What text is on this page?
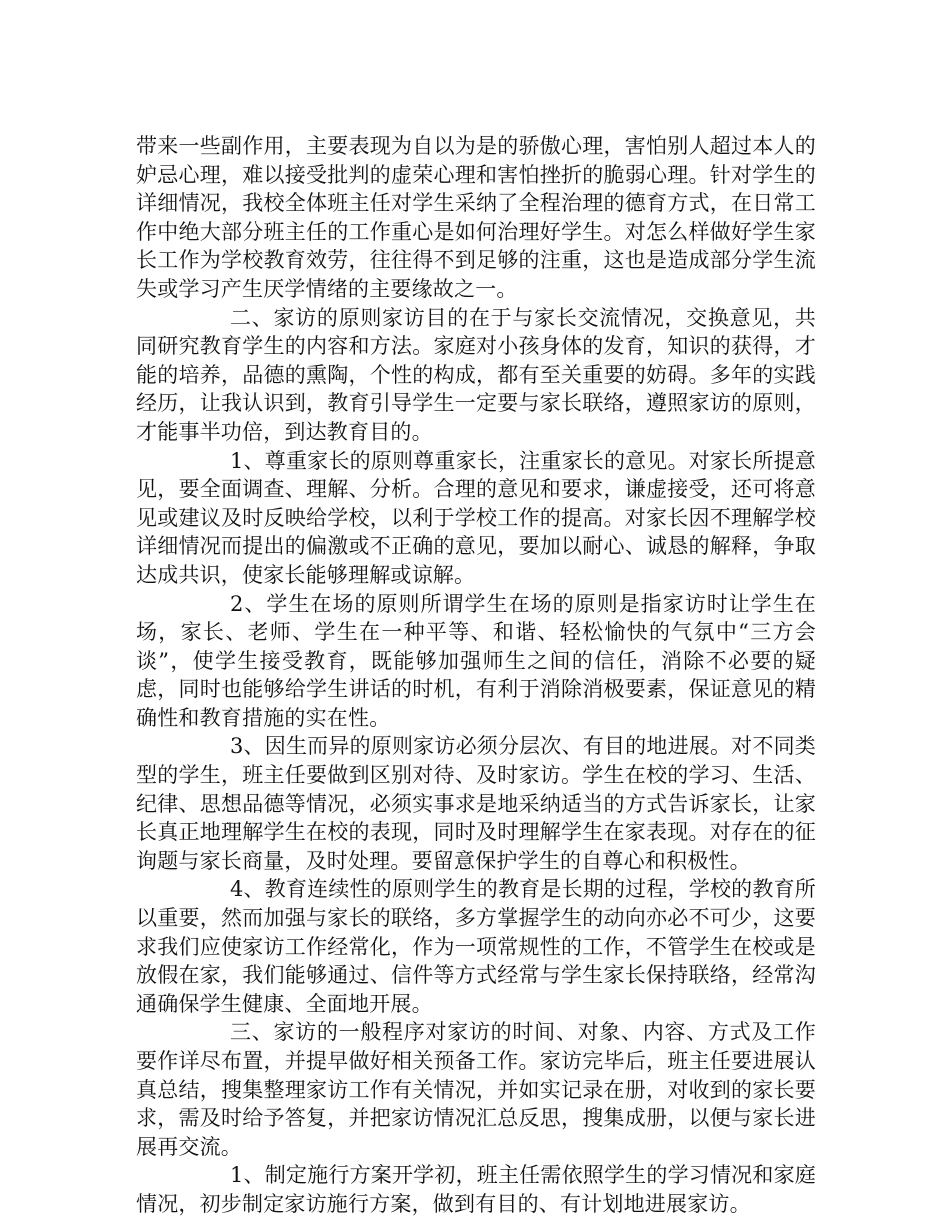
带来一些副作用，主要表现为自以为是的骄傲心理，害怕别人超过本人的妒忌心理，难以接受批判的虚荣心理和害怕挫折的脆弱心理。针对学生的详细情况，我校全体班主任对学生采纳了全程治理的德育方式，在日常工作中绝大部分班主任的工作重心是如何治理好学生。对怎么样做好学生家长工作为学校教育效劳，往往得不到足够的注重，这也是造成部分学生流失或学习产生厌学情绪的主要缘故之一。

二、家访的原则家访目的在于与家长交流情况，交换意见，共同研究教育学生的内容和方法。家庭对小孩身体的发育，知识的获得，才能的培养，品德的熏陶，个性的构成，都有至关重要的妨碍。多年的实践经历，让我认识到，教育引导学生一定要与家长联络，遵照家访的原则，才能事半功倍，到达教育目的。

1、尊重家长的原则尊重家长，注重家长的意见。对家长所提意见，要全面调查、理解、分析。合理的意见和要求，谦虚接受，还可将意见或建议及时反映给学校，以利于学校工作的提高。对家长因不理解学校详细情况而提出的偏激或不正确的意见，要加以耐心、诚恳的解释，争取达成共识，使家长能够理解或谅解。

2、学生在场的原则所谓学生在场的原则是指家访时让学生在场，家长、老师、学生在一种平等、和谐、轻松愉快的气氛中“三方会谈”，使学生接受教育，既能够加强师生之间的信任，消除不必要的疑虑，同时也能够给学生讲话的时机，有利于消除消极要素，保证意见的精确性和教育措施的实在性。

3、因生而异的原则家访必须分层次、有目的地进展。对不同类型的学生，班主任要做到区别对待、及时家访。学生在校的学习、生活、纪律、思想品德等情况，必须实事求是地采纳适当的方式告诉家长，让家长真正地理解学生在校的表现，同时及时理解学生在家表现。对存在的征询题与家长商量，及时处理。要留意保护学生的自尊心和积极性。

4、教育连续性的原则学生的教育是长期的过程，学校的教育所以重要，然而加强与家长的联络，多方掌握学生的动向亦必不可少，这要求我们应使家访工作经常化，作为一项常规性的工作，不管学生在校或是放假在家，我们能够通过、信件等方式经常与学生家长保持联络，经常沟通确保学生健康、全面地开展。

三、家访的一般程序对家访的时间、对象、内容、方式及工作要作详尽布置，并提早做好相关预备工作。家访完毕后，班主任要进展认真总结，搜集整理家访工作有关情况，并如实记录在册，对收到的家长要求，需及时给予答复，并把家访情况汇总反思，搜集成册，以便与家长进展再交流。

1、制定施行方案开学初，班主任需依照学生的学习情况和家庭情况，初步制定家访施行方案，做到有目的、有计划地进展家访。
